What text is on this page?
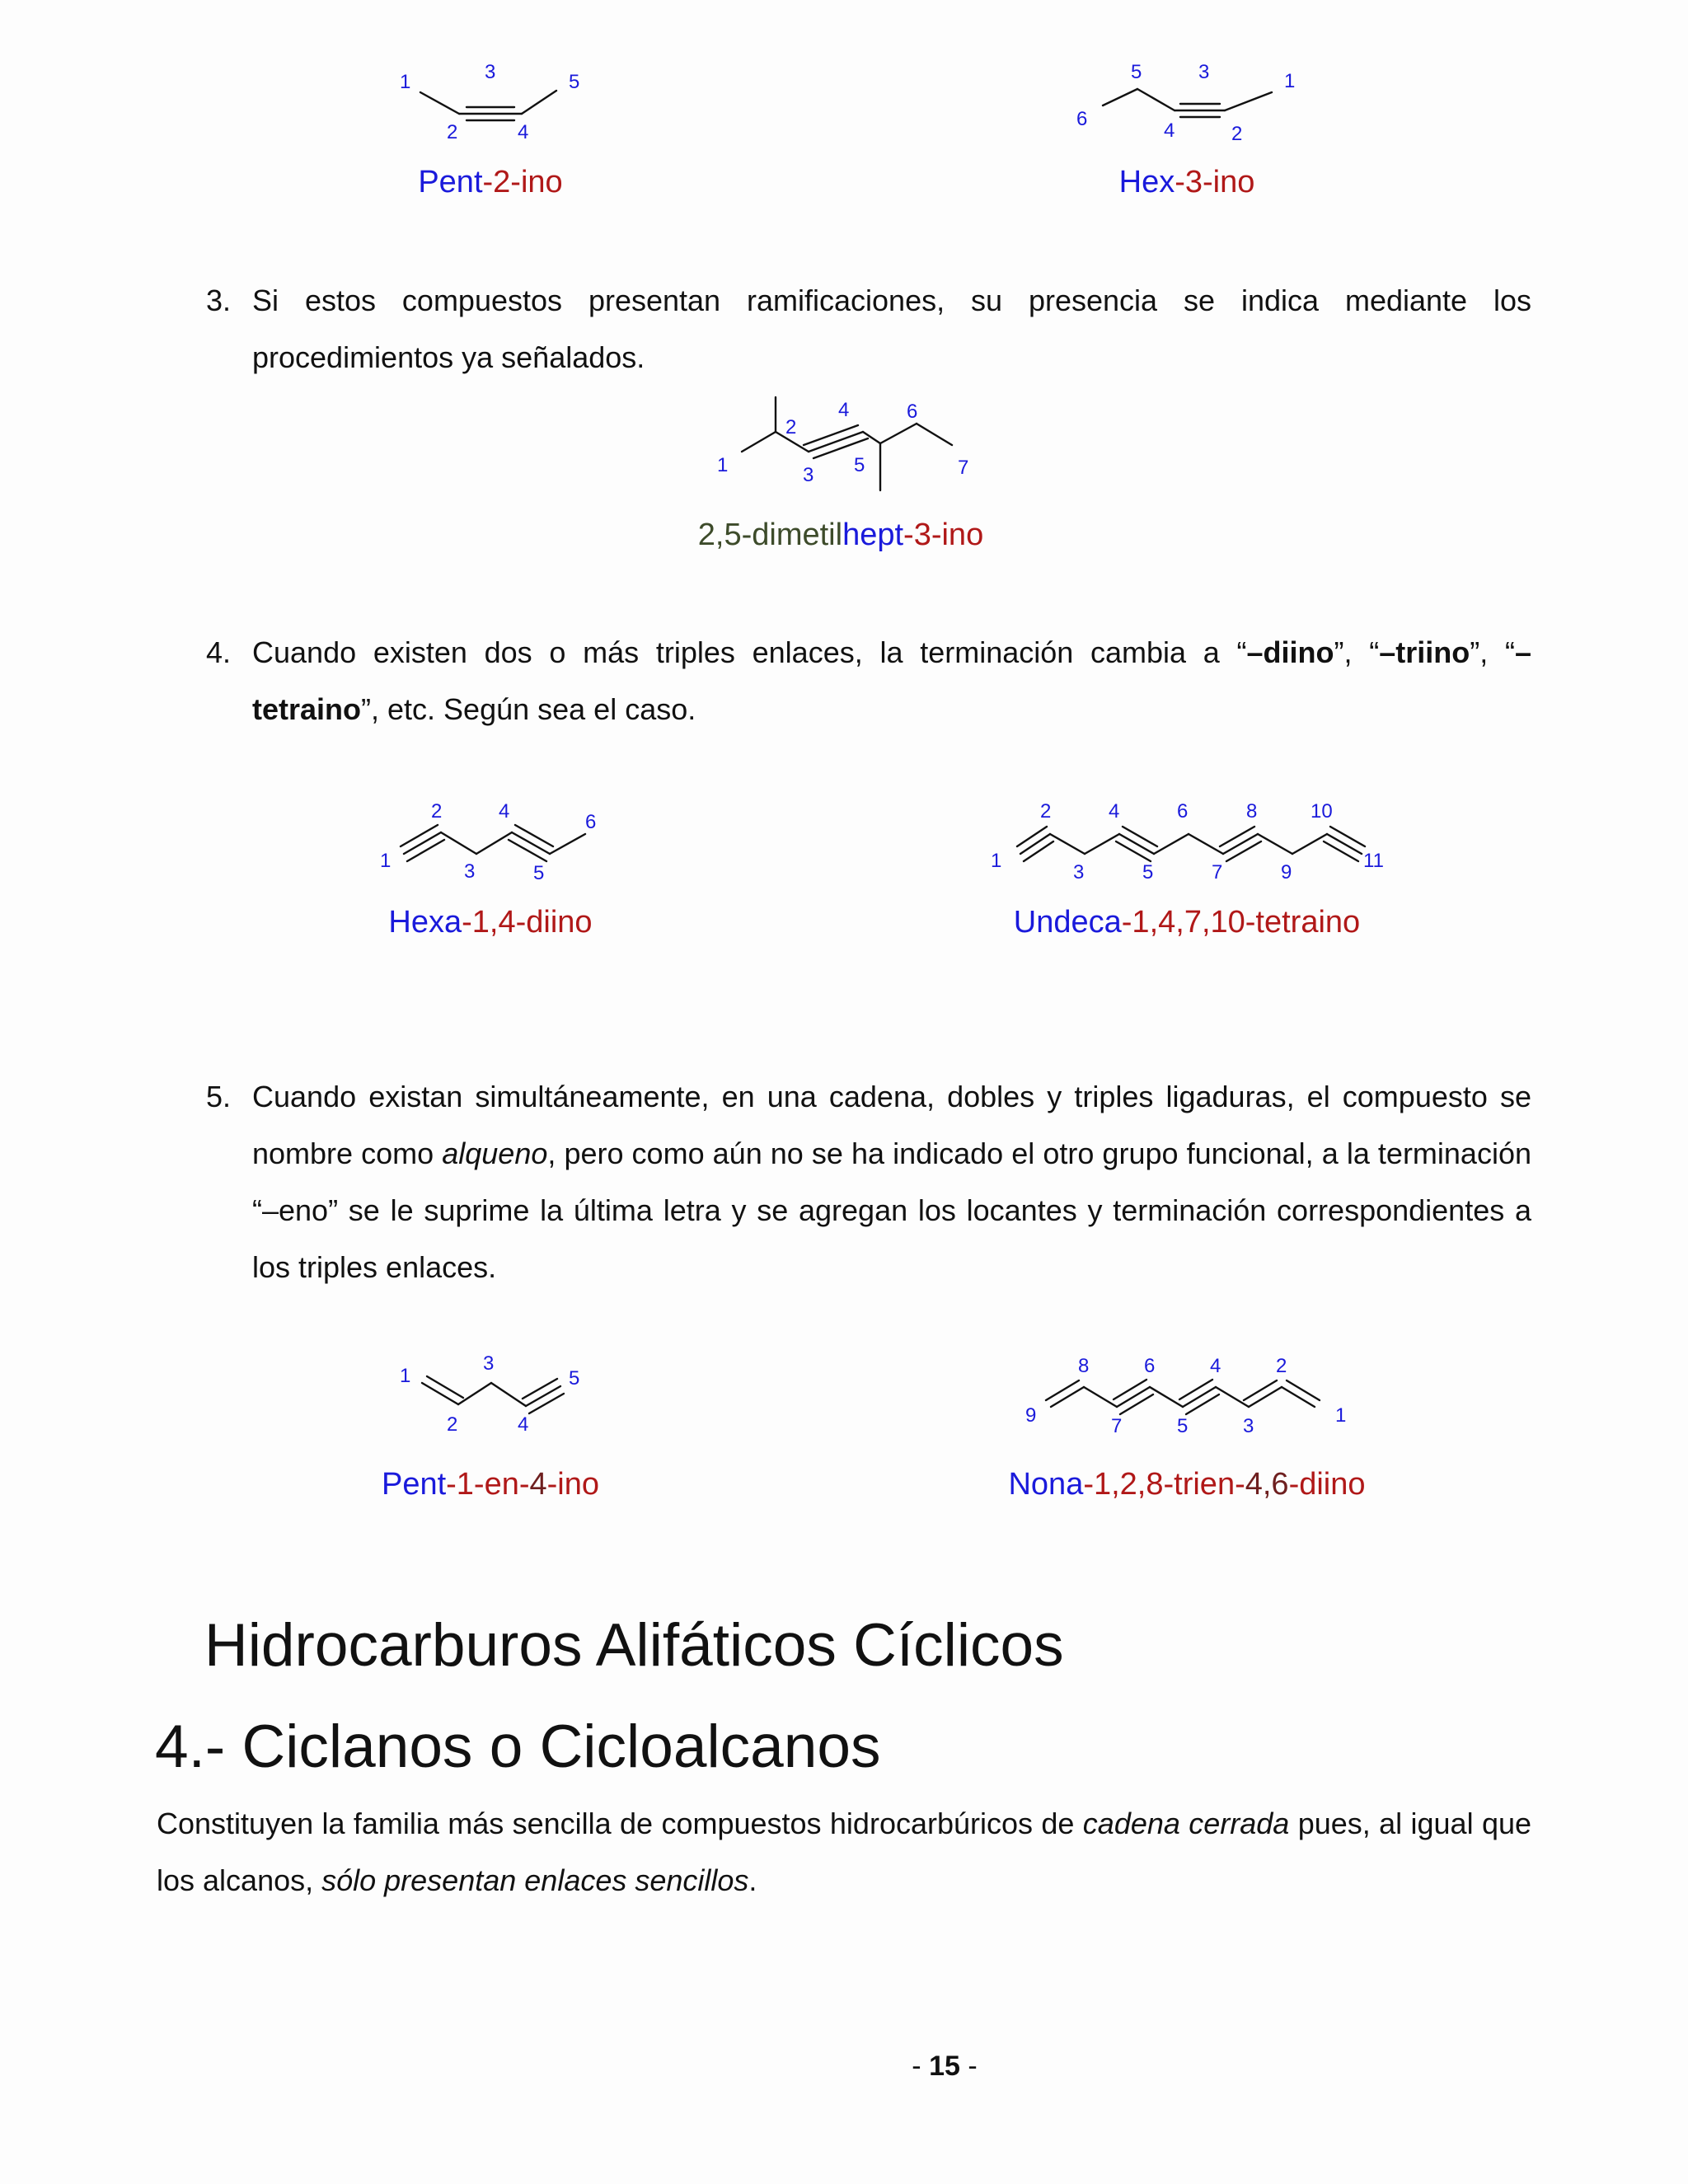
1	3	5
2	4
Pent-2-ino
5	3	1
6
4	2
Hex-3-ino
3. Si estos compuestos presentan ramificaciones, su presencia se indica mediante los procedimientos ya señalados.
2
4	6
1	3 5	7
2,5-dimetilhept-3-ino
4. Cuando existen dos o más triples enlaces, la terminación cambia a “–diino”, “–triino”, “–tetraino”, etc. Según sea el caso.
2	4	6
1	3	5
Hexa-1,4-diino
2	4	6	8	10
1
3	5	7	9
11
Undeca-1,4,7,10-tetraino
5. Cuando existan simultáneamente, en una cadena, dobles y triples ligaduras, el compuesto se nombre como alqueno, pero como aún no se ha indicado el otro grupo funcional, a la terminación “–eno” se le suprime la última letra y se agregan los locantes y terminación correspondientes a los triples enlaces.
1
3
5
2	4
Pent-1-en-4-ino
8	6	4	2
9	7	5	3	1
Nona-1,2,8-trien-4,6-diino
Hidrocarburos Alifáticos Cíclicos
4.- Ciclanos o Cicloalcanos
Constituyen la familia más sencilla de compuestos hidrocarbúricos de cadena cerrada pues, al igual que los alcanos, sólo presentan enlaces sencillos.
- 15 -
